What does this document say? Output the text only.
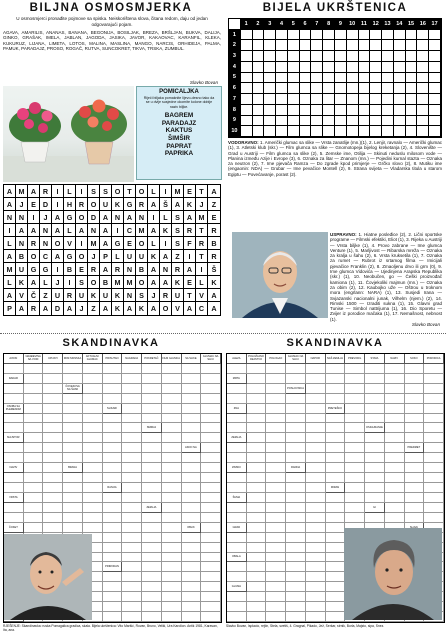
BILJNA OSMOSMJERKA
U osmosmjerci pronađite pojmove sa spiska. Neiskorištena slova, čitana redom, daju od jedan odgovarajući pojam.
AGAVA, AMARILIS, ANANAS, BANANA, BEGONIJA, BOSILJAK, BREZA, BRŠLJAN, BUKVA, DALIJA, GINKO, GRAŠAK, IMELA, JABLAN, JAGODA, JASIKA, JAVOR, KAKAOVAC, KARANFIL, KLEKA, KUKURUZ, LIJANA, LIMETA, LOTOS, MALINA, MASLINA, MANGO, NARCIS, ORHIDEJA, PALMA, PAMUK, PARADAJZ, PROSO, ROGAČ, RUTVA, SUNCOKRET, TIKVA, TRSKA, ZUMBUL.
Slavko Bovan
POMICALJKA
Riječi biljaka pomaknite lijevo-desno tako da se u dvije susjedne okomite kolone dobije naziv biljke.
BAGREM
PARADAJZ
KAKTUS
ŠIMŠIR
PAPRAT
PAPRIKA
A M A R	I	L	I	S	S O T O L	I	M E	T	A
A	J	E D	I	H R O U K G R A Š A K	J	Z
N N	I	J	A G O D A N A N	I	L	S A M E
I	A A N A	L	A N A	I	C M A K S R	T	R
L	N R N O V	I	M A G E O L	I	S	F	R	B
A B O C A G O	J	P	L	U U K A	Z	I	T	R
M U G G	I	B E R A R N B A N R A	I	Š
L	K A	L	J	I	S O B M M O A A K E	L	K
A V Č	Z	U R U K U K N S	J	R U	T	V	A
P A R A D A	J	Z	A K A K A O V A C	A
BIJELA UKRŠTENICA
1	2	3	4	5	6	7	8	9	10	11	12	13	14	15	16	17
1
2
3
4
5
6
7
8
9
10
VODORAVNO: 1. Američki glumac sa slike — Vrsta zanatlije (mn.)(1), 2. Lenjir, ravnalo — Američki glumac (1), 3. Atletski klub (skr.) — Film glumca sa slike — Gnomotopeja bijelog kreketanja (2), 4. Slovenište — Grad u Austriji — Film glumca sa slike (2), 5. Zemske ime, Otilija — Skinuti neduslu milosom vode — Planina između Azije i Evrope (3), 6. Oznaka za litar — Znanom (mn.) — Pojedini kurnal stazta — Oznaka za neutron (2), 7. Ime pjevača Ramza — Do zgrade kpod primjerje — Grčko slovo (2), 8. Mutiku ime (engaonin: NDA) — Grubar — Ime pevačice Montell (2), 9. Strana svijeta — Vladarska titula u starom Egiptu — Povećavanje, porast (2).
USPRAVNO: 1. Hiatne posleđice (2), 2. Lični sportske programe — Filmski efektiki, Eliot (1), 3. Rijeka u Austriji — Vrsta biljke (1), 4. Provo zabrane — Ime glumca Venture (1), 5. Marljivost — Ribarska mreža — Oznaka za kralja u šahu (2), 6. Vrsta kruksetila (1), 7. Oznaka za rumet — Rubrot iz srtamog filma — Imicijali pjevačice Franklin (2), 8. Zmaoljenu drvo ili grm (0), 9. Ime glumca Vidovića — Ujedinjena Arapska Republika (skr.) (1), 10. Neobučen, go — Češki proizvođač kamiona (1), 11. Čovjekoliki majmun (mn.) — Oznaka za obim (2), 12. Kaubojko uže — Oštrou u troknom mora (engrlann: NARA) (1), 13. Susjedi Irana — Svjazanski nacionalni junak, Vilhelm (njem.) (2), 14. Rimski 1500 — Izraditi sukna (1), 15. Glavni grad Tunise — Simbol nattrijuma (1), 16. Dio Sporetu — Zvijer iz porodice mačaka (1), 17. Nemašnost, nebnost (1).
Slavko Bovan
SKANDINAVKA	SKANDINAVKA
AVION	GRAĐEVINA NA VODI	UPIJATI	MINI SKINSKA	AKTUALNI GLUMAC	PRISUTAN	NAGRADA	POKRETAČ	FILM GLUMCA	SA SLIKE	GLUMAC NA SLICI
DADAR
ČOVEKOVA NA ŠLIMI
OSOBA SA PLEMENOM	SLIKARI
SMIRAJ
MAJSTOR
AKDO NA
NAZIV	BRANA
RANIJA
VRSTA
ZEMLJA
ČOKET	OBLIK
PRIRODAN
ALEZA	POLOŽAJNO DEJSTVO	POLOGAO	GLUMAC NA SLICI	NAPOR	NAŠ ZEMLJA	PREVODIL	STAVA	NAZIV	SOKO	PORODICA
MRTA
POSLOVNICA
ZNA	PRETEŠKO
OSIGURANJE
ZEMLJA
PREDMET
ZIMSKI	RADNA
MIRAN
ŠUMA
ILI
GRAD
OBALA
GLUMA
RJEŠENJE: Skandinavka: ruska Pomagalica gradica, skala. Bijela ukrštenica: Vito Maršić, Rovan, Bruno, Veliki, Ura Karolion. Antik 1981, Karavan, Ita, ana.
Slavko Bovan, Isplacio, rejtin, Stela, svetiš, 4. Gragnal, Pikado, Jež, Serkar, strnik, Borla, Majsto, sipa, Snez.
